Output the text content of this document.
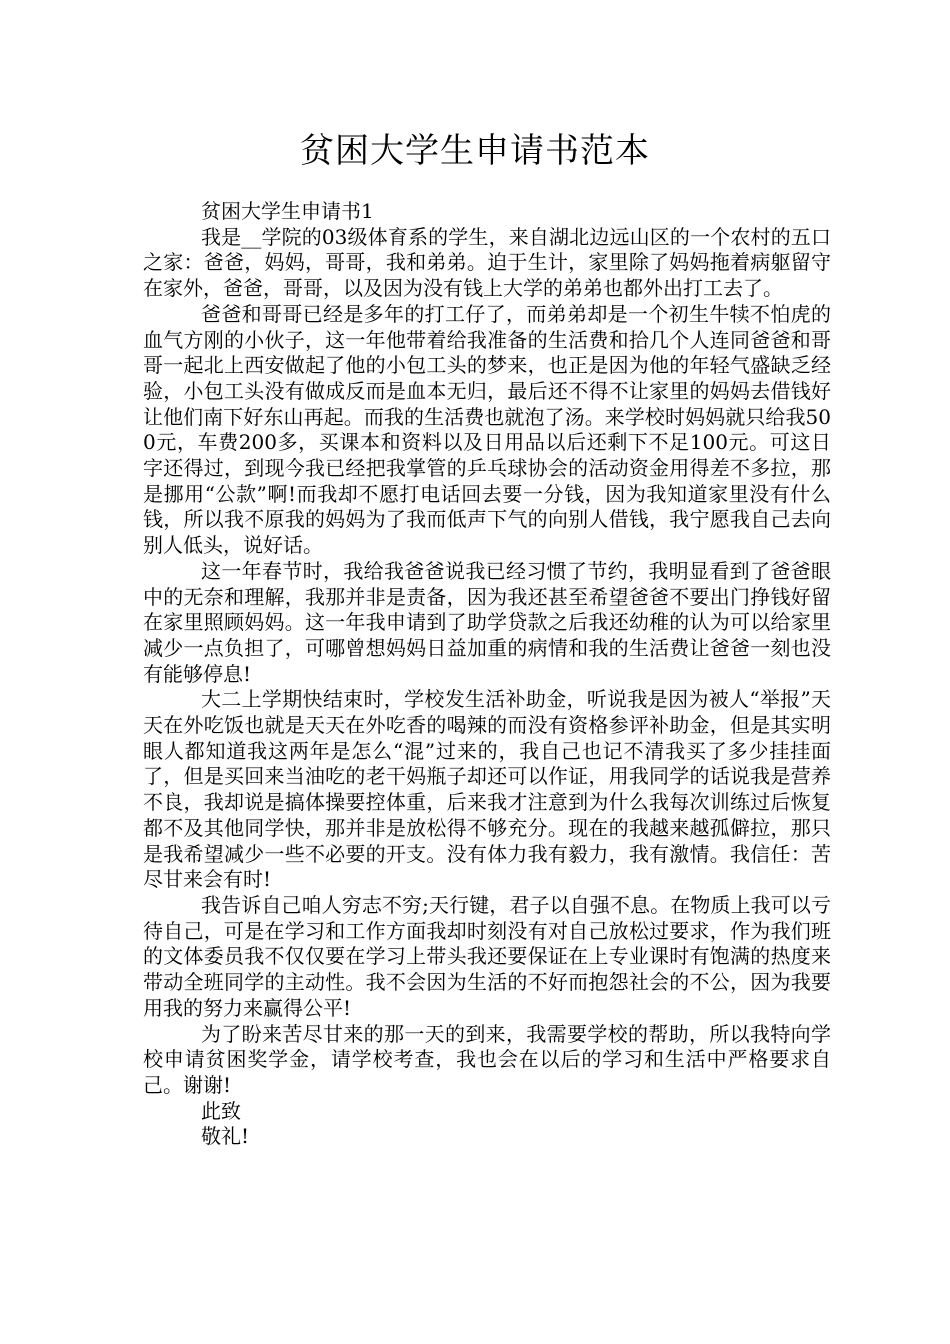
贫困大学生申请书范本

贫困大学生申请书1

我是__学院的03级体育系的学生，来自湖北边远山区的一个农村的五口之家：爸爸，妈妈，哥哥，我和弟弟。迫于生计，家里除了妈妈拖着病躯留守在家外，爸爸，哥哥，以及因为没有钱上大学的弟弟也都外出打工去了。

爸爸和哥哥已经是多年的打工仔了，而弟弟却是一个初生牛犊不怕虎的血气方刚的小伙子，这一年他带着给我准备的生活费和拾几个人连同爸爸和哥哥一起北上西安做起了他的小包工头的梦来，也正是因为他的年轻气盛缺乏经验，小包工头没有做成反而是血本无归，最后还不得不让家里的妈妈去借钱好让他们南下好东山再起。而我的生活费也就泡了汤。来学校时妈妈就只给我500元，车费200多，买课本和资料以及日用品以后还剩下不足100元。可这日字还得过，到现今我已经把我掌管的乒乓球协会的活动资金用得差不多拉，那是挪用“公款”啊!而我却不愿打电话回去要一分钱，因为我知道家里没有什么钱，所以我不原我的妈妈为了我而低声下气的向别人借钱，我宁愿我自己去向别人低头，说好话。

这一年春节时，我给我爸爸说我已经习惯了节约，我明显看到了爸爸眼中的无奈和理解，我那并非是责备，因为我还甚至希望爸爸不要出门挣钱好留在家里照顾妈妈。这一年我申请到了助学贷款之后我还幼稚的认为可以给家里减少一点负担了，可哪曾想妈妈日益加重的病情和我的生活费让爸爸一刻也没有能够停息!

大二上学期快结束时，学校发生活补助金，听说我是因为被人“举报”天天在外吃饭也就是天天在外吃香的喝辣的而没有资格参评补助金，但是其实明眼人都知道我这两年是怎么“混”过来的，我自己也记不清我买了多少挂挂面了，但是买回来当油吃的老干妈瓶子却还可以作证，用我同学的话说我是营养不良，我却说是搞体操要控体重，后来我才注意到为什么我每次训练过后恢复都不及其他同学快，那并非是放松得不够充分。现在的我越来越孤僻拉，那只是我希望减少一些不必要的开支。没有体力我有毅力，我有激情。我信任：苦尽甘来会有时!

我告诉自己咱人穷志不穷;天行键，君子以自强不息。在物质上我可以亏待自己，可是在学习和工作方面我却时刻没有对自己放松过要求，作为我们班的文体委员我不仅仅要在学习上带头我还要保证在上专业课时有饱满的热度来带动全班同学的主动性。我不会因为生活的不好而抱怨社会的不公，因为我要用我的努力来赢得公平!

为了盼来苦尽甘来的那一天的到来，我需要学校的帮助，所以我特向学校申请贫困奖学金，请学校考查，我也会在以后的学习和生活中严格要求自己。谢谢!

此致

敬礼!
